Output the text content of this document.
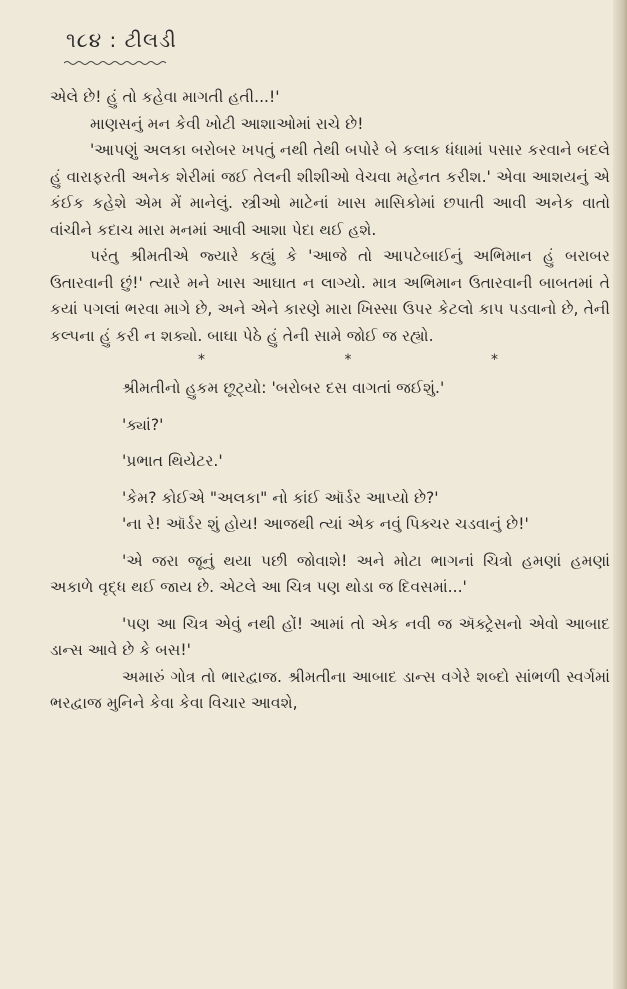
૧૮૪ : ટીલડી

એલે છે! હું તો કહેવા માગતી હતી...!'

માણસનું મન કેવી ખોટી આશાઓમાં રાચે છે!

'આપણું અલકા બરોબર ખપતું નથી તેથી બપોરે બે કલાક ધંધામાં પસાર કરવાને બદલે હું વારાફરતી અનેક શેરીમાં જઈ તેલની શીશીઓ વેચવા મહેનત કરીશ.' એવા આશયનું એ કંઈક કહેશે એમ મેં માનેલું. સ્ત્રીઓ માટેનાં ખાસ માસિકોમાં છપાતી આવી અનેક વાતો વાંચીને કદાચ મારા મનમાં આવી આશા પેદા થઈ હશે.

પરંતુ શ્રીમતીએ જ્યારે કહ્યું કે 'આજે તો આપટેબાઈનું અભિમાન હું બરાબર ઉતારવાની છું!' ત્યારે મને ખાસ આઘાત ન લાગ્યો. માત્ર અભિમાન ઉતારવાની બાબતમાં તે કયાં પગલાં ભરવા માગે છે, અને એને કારણે મારા ખિસ્સા ઉપર કેટલો કાપ પડવાનો છે, તેની કલ્પના હું કરી ન શક્યો. બાઘા પેઠે હું તેની સામે જોઈ જ રહ્યો.

*	*	*

શ્રીમતીનો હુકમ છૂટ્યો: 'બરોબર દસ વાગતાં જઈશું.'

'ક્યાં?'

'પ્રભાત થિયેટર.'

'કેમ? કોઈએ "અલકા" નો કાંઈ ઑર્ડર આપ્યો છે?'

'ના રે! ઑર્ડર શું હોય! આજથી ત્યાં એક નવું પિક્ચર ચડવાનું છે!'

'એ જરા જૂનું થયા પછી જોવાશે! અને મોટા ભાગનાં ચિત્રો હમણાં હમણાં અકાળે વૃદ્ધ થઈ જાય છે. એટલે આ ચિત્ર પણ થોડા જ દિવસમાં...'

'પણ આ ચિત્ર એવું નથી હોં! આમાં તો એક નવી જ ઍક્ટ્રેસનો એવો આબાદ ડાન્સ આવે છે કે બસ!'

અમારું ગોત્ર તો ભારદ્વાજ. શ્રીમતીના આબાદ ડાન્સ વગેરે શબ્દો સાંભળી સ્વર્ગમાં ભરદ્વાજ મુનિને કેવા કેવા વિચાર આવશે,
